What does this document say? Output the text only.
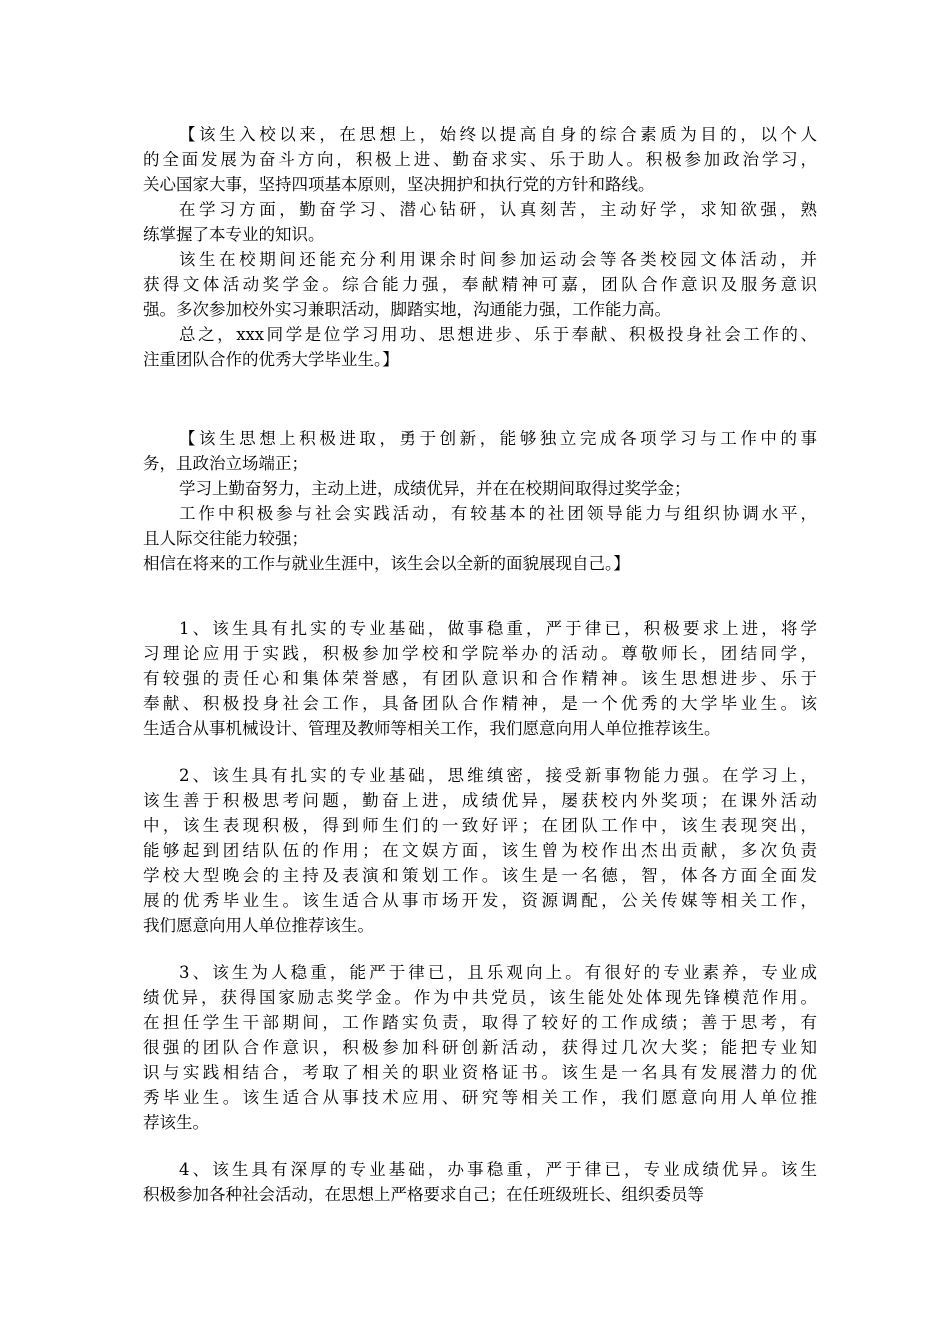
【该生入校以来，在思想上，始终以提高自身的综合素质为目的，以个人
的全面发展为奋斗方向，积极上进、勤奋求实、乐于助人。积极参加政治学习，
关心国家大事，坚持四项基本原则，坚决拥护和执行党的方针和路线。
在学习方面，勤奋学习、潜心钻研，认真刻苦，主动好学，求知欲强，熟
练掌握了本专业的知识。
该生在校期间还能充分利用课余时间参加运动会等各类校园文体活动，并
获得文体活动奖学金。综合能力强，奉献精神可嘉，团队合作意识及服务意识
强。多次参加校外实习兼职活动，脚踏实地，沟通能力强，工作能力高。
总之，xxx同学是位学习用功、思想进步、乐于奉献、积极投身社会工作的、
注重团队合作的优秀大学毕业生。】
【该生思想上积极进取，勇于创新，能够独立完成各项学习与工作中的事
务，且政治立场端正；
学习上勤奋努力，主动上进，成绩优异，并在在校期间取得过奖学金；
工作中积极参与社会实践活动，有较基本的社团领导能力与组织协调水平，
且人际交往能力较强；
相信在将来的工作与就业生涯中，该生会以全新的面貌展现自己。】
1、该生具有扎实的专业基础，做事稳重，严于律已，积极要求上进，将学
习理论应用于实践，积极参加学校和学院举办的活动。尊敬师长，团结同学，
有较强的责任心和集体荣誉感，有团队意识和合作精神。该生思想进步、乐于
奉献、积极投身社会工作，具备团队合作精神，是一个优秀的大学毕业生。该
生适合从事机械设计、管理及教师等相关工作，我们愿意向用人单位推荐该生。
2、该生具有扎实的专业基础，思维缜密，接受新事物能力强。在学习上，
该生善于积极思考问题，勤奋上进，成绩优异，屡获校内外奖项；在课外活动
中，该生表现积极，得到师生们的一致好评；在团队工作中，该生表现突出，
能够起到团结队伍的作用；在文娱方面，该生曾为校作出杰出贡献，多次负责
学校大型晚会的主持及表演和策划工作。该生是一名德，智，体各方面全面发
展的优秀毕业生。该生适合从事市场开发，资源调配，公关传媒等相关工作，
我们愿意向用人单位推荐该生。
3、该生为人稳重，能严于律已，且乐观向上。有很好的专业素养，专业成
绩优异，获得国家励志奖学金。作为中共党员，该生能处处体现先锋模范作用。
在担任学生干部期间，工作踏实负责，取得了较好的工作成绩；善于思考，有
很强的团队合作意识，积极参加科研创新活动，获得过几次大奖；能把专业知
识与实践相结合，考取了相关的职业资格证书。该生是一名具有发展潜力的优
秀毕业生。该生适合从事技术应用、研究等相关工作，我们愿意向用人单位推
荐该生。
4、该生具有深厚的专业基础，办事稳重，严于律已，专业成绩优异。该生
积极参加各种社会活动，在思想上严格要求自己；在任班级班长、组织委员等
